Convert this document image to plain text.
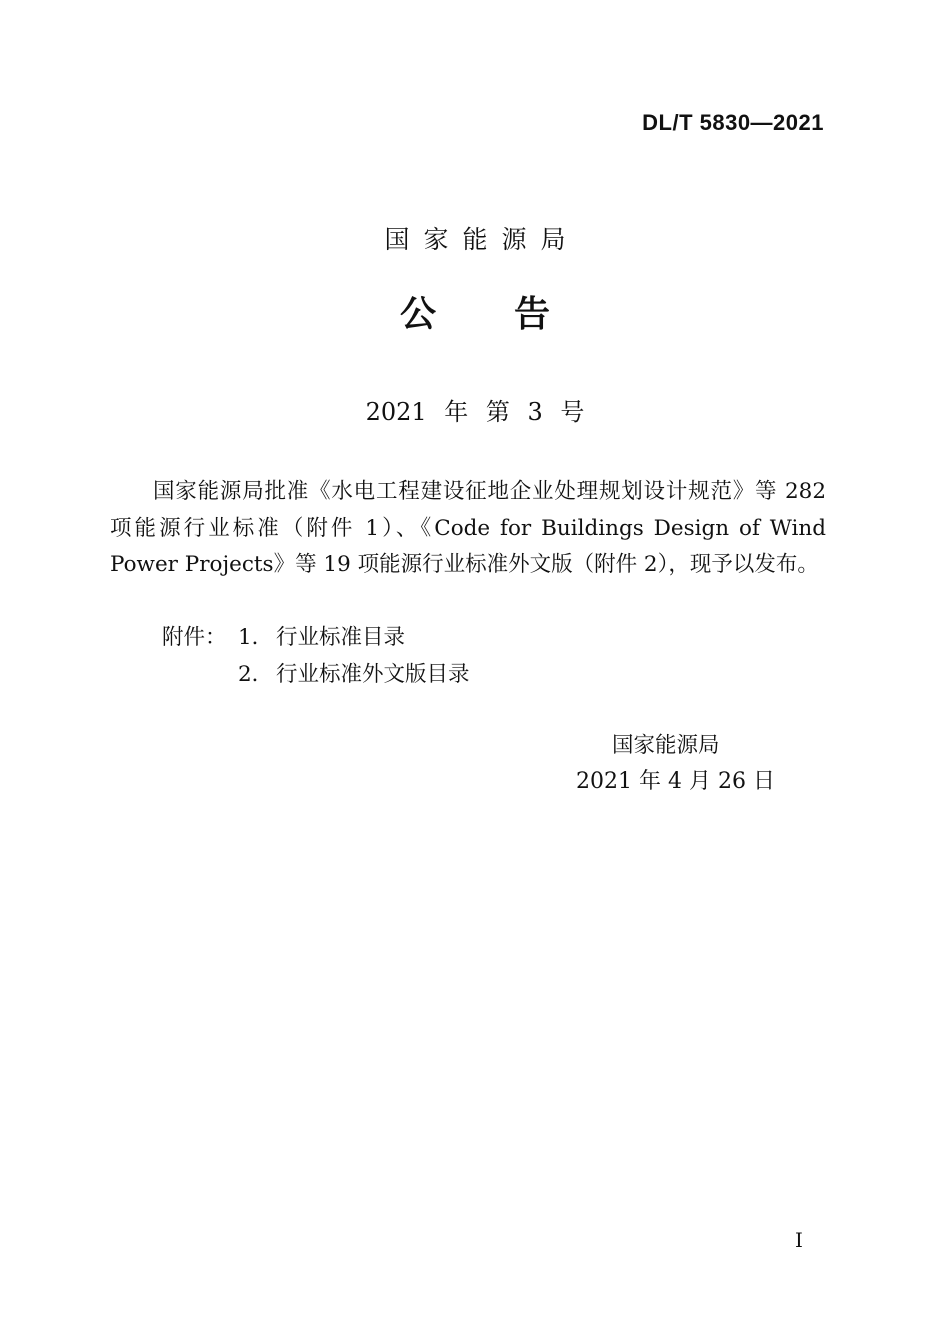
DL/T 5830—2021
国家能源局
公告
2021 年 第 3 号
国家能源局批准《水电工程建设征地企业处理规划设计规范》等 282 项能源行业标准（附件 1）、《Code for Buildings Design of Wind Power Projects》等 19 项能源行业标准外文版（附件 2），现予以发布。
附件： 1． 行业标准目录
2． 行业标准外文版目录
国家能源局
2021 年 4 月 26 日
I
